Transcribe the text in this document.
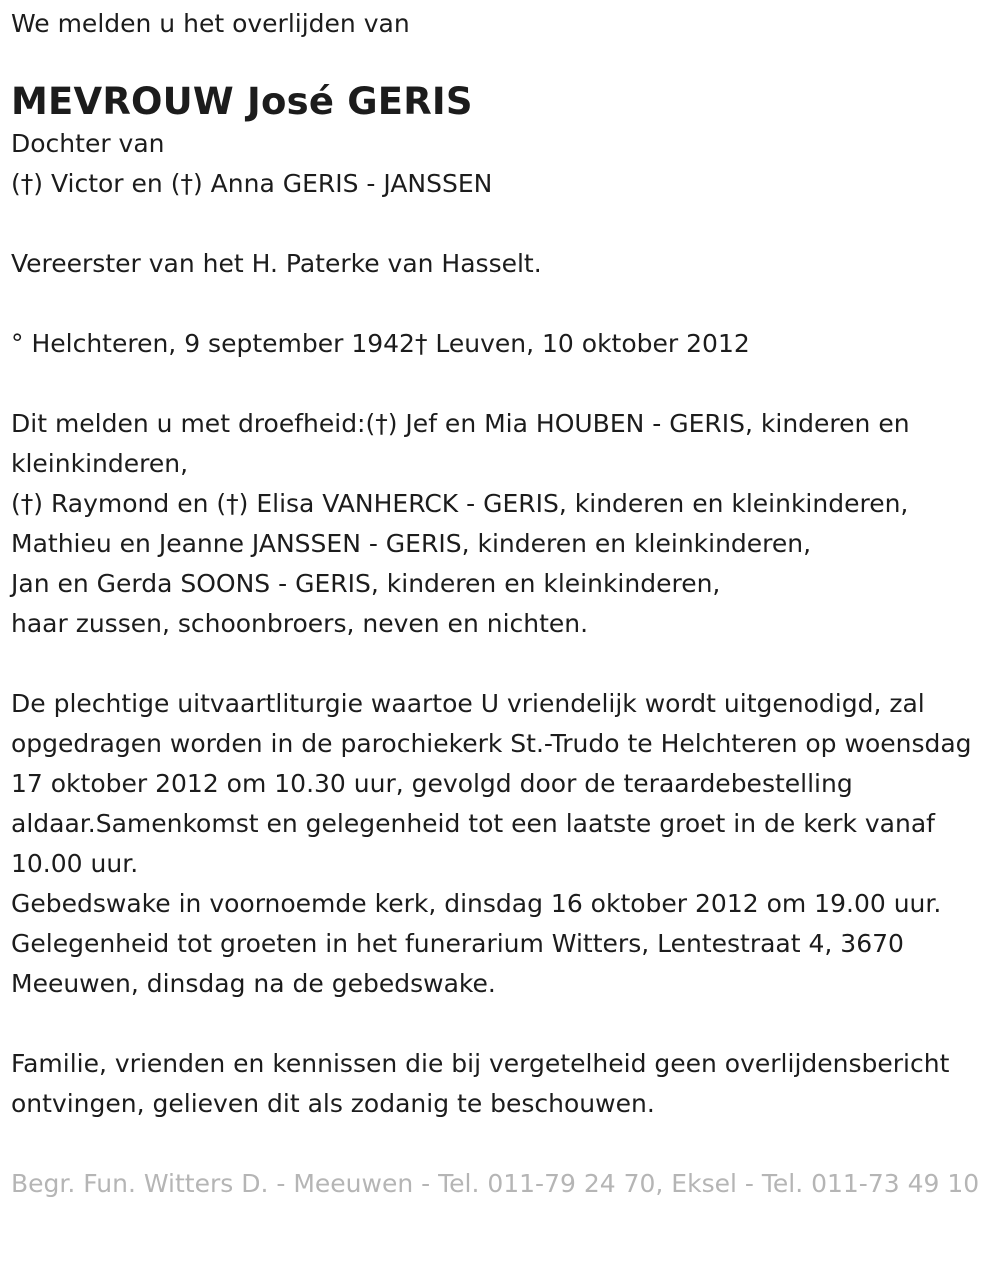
We melden u het overlijden van

MEVROUW José GERIS

Dochter van

(†) Victor en (†) Anna GERIS - JANSSEN

Vereerster van het H. Paterke van Hasselt.

° Helchteren, 9 september 1942† Leuven, 10 oktober 2012

Dit melden u met droefheid:(†) Jef en Mia HOUBEN - GERIS, kinderen en kleinkinderen,

(†) Raymond en (†) Elisa VANHERCK - GERIS, kinderen en kleinkinderen,

Mathieu en Jeanne JANSSEN - GERIS, kinderen en kleinkinderen,

Jan en Gerda SOONS - GERIS, kinderen en kleinkinderen,

haar zussen, schoonbroers, neven en nichten.

De plechtige uitvaartliturgie waartoe U vriendelijk wordt uitgenodigd, zal opgedragen worden in de parochiekerk St.-Trudo te Helchteren op woensdag 17 oktober 2012 om 10.30 uur, gevolgd door de teraardebestelling aldaar.Samenkomst en gelegenheid tot een laatste groet in de kerk vanaf 10.00 uur.

Gebedswake in voornoemde kerk, dinsdag 16 oktober 2012 om 19.00 uur.

Gelegenheid tot groeten in het funerarium Witters, Lentestraat 4, 3670 Meeuwen, dinsdag na de gebedswake.

Familie, vrienden en kennissen die bij vergetelheid geen overlijdensbericht ontvingen, gelieven dit als zodanig te beschouwen.

Begr. Fun. Witters D. - Meeuwen - Tel. 011-79 24 70, Eksel - Tel. 011-73 49 10
